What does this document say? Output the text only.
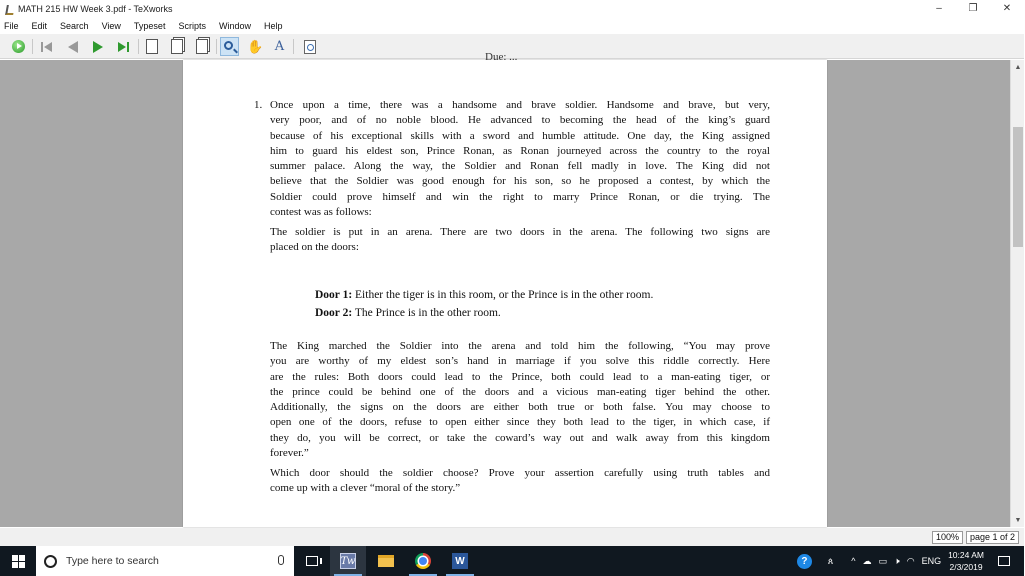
MATH 215 HW Week 3.pdf - TeXworks	–	❐	✕
File Edit Search View Typeset Scripts Window Help
✋ A
Due: ...
1. Once upon a time, there was a handsome and brave soldier. Handsome and brave, but very,
very poor, and of no noble blood. He advanced to becoming the head of the king’s guard
because of his exceptional skills with a sword and humble attitude. One day, the King assigned
him to guard his eldest son, Prince Ronan, as Ronan journeyed across the country to the royal
summer palace. Along the way, the Soldier and Ronan fell madly in love. The King did not
believe that the Soldier was good enough for his son, so he proposed a contest, by which the
Soldier could prove himself and win the right to marry Prince Ronan, or die trying. The
contest was as follows:
The soldier is put in an arena. There are two doors in the arena. The following two signs are
placed on the doors:
Door 1: Either the tiger is in this room, or the Prince is in the other room.
Door 2: The Prince is in the other room.
The King marched the Soldier into the arena and told him the following, “You may prove
you are worthy of my eldest son’s hand in marriage if you solve this riddle correctly. Here
are the rules: Both doors could lead to the Prince, both could lead to a man-eating tiger, or
the prince could be behind one of the doors and a vicious man-eating tiger behind the other.
Additionally, the signs on the doors are either both true or both false. You may choose to
open one of the doors, refuse to open either since they both lead to the tiger, in which case, if
they do, you will be correct, or take the coward’s way out and walk away from this kingdom
forever.”
Which door should the soldier choose? Prove your assertion carefully using truth tables and
come up with a clever “moral of the story.”
▲
▼
100%	page 1 of 2
Type here to search	Tw	W	?	ጰ ^ ☁ ▭ 🕨 ◠ ENG
10:24 AM
2/3/2019
